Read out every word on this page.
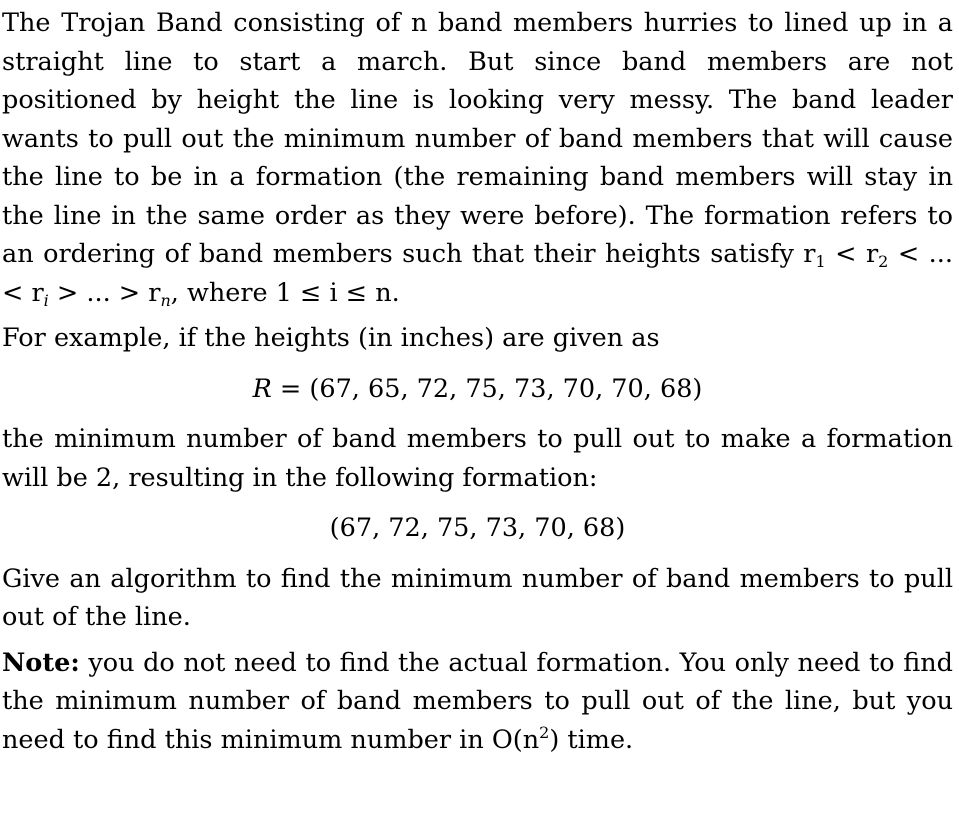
The Trojan Band consisting of n band members hurries to lined up in a straight line to start a march. But since band members are not positioned by height the line is looking very messy. The band leader wants to pull out the minimum number of band members that will cause the line to be in a formation (the remaining band members will stay in the line in the same order as they were before). The formation refers to an ordering of band members such that their heights satisfy $r_1 < r_2$ < ... < $r_i$ > ... > $r_n$, where 1 ≤ i ≤ n.

For example, if the heights (in inches) are given as

R = (67, 65, 72, 75, 73, 70, 70, 68)

the minimum number of band members to pull out to make a formation will be 2, resulting in the following formation:

(67, 72, 75, 73, 70, 68)

Give an algorithm to find the minimum number of band members to pull out of the line.

Note: you do not need to find the actual formation. You only need to find the minimum number of band members to pull out of the line, but you need to find this minimum number in $O(n^2)$ time.
